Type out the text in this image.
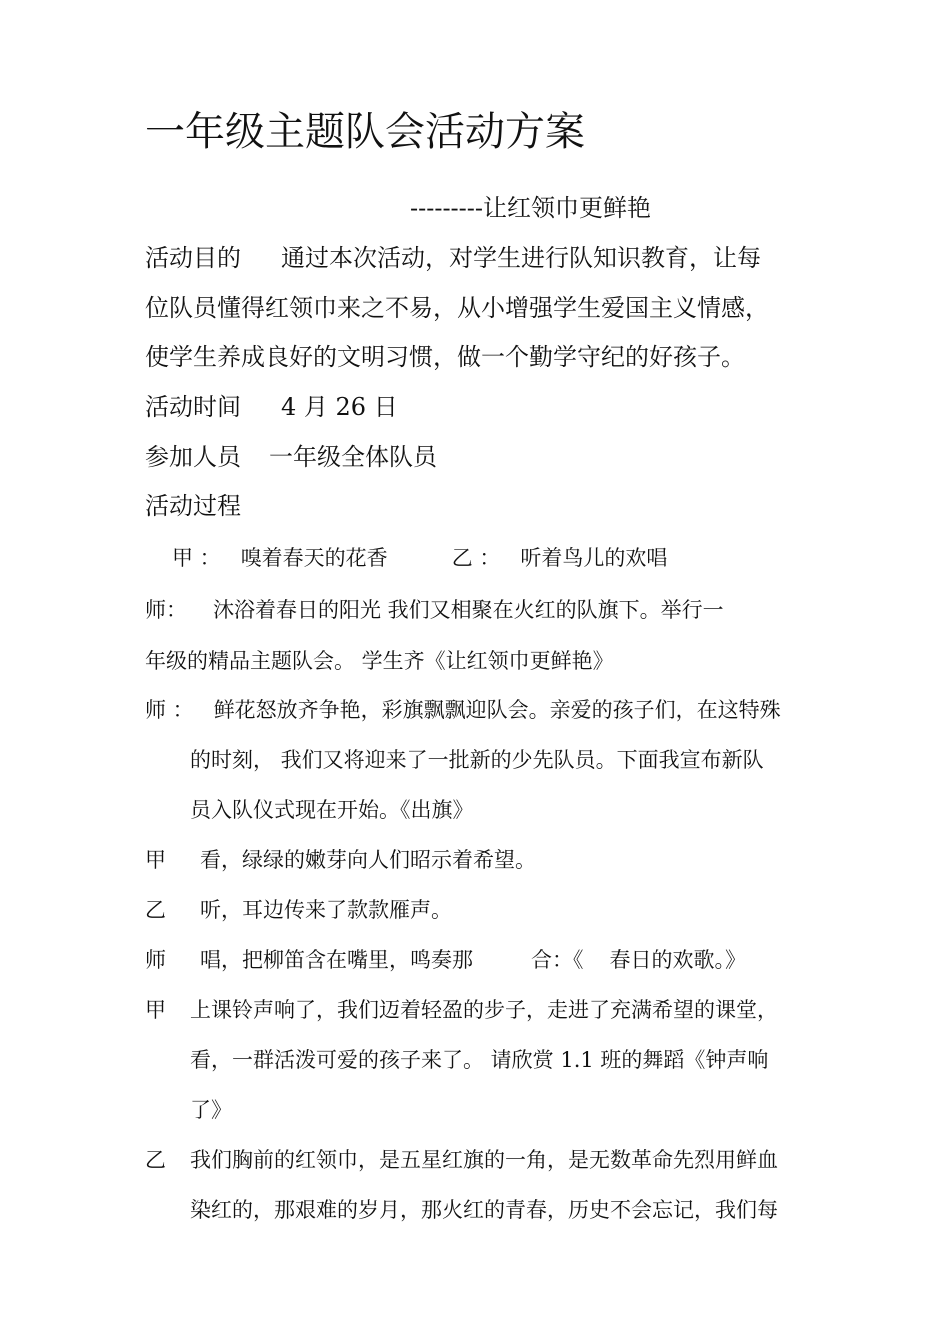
一年级主题队会活动方案
---------让红领巾更鲜艳
活动目的 通过本次活动，对学生进行队知识教育，让每
位队员懂得红领巾来之不易，从小增强学生爱国主义情感，
使学生养成良好的文明习惯，做一个勤学守纪的好孩子。
活动时间 4 月 26 日
参加人员 一年级全体队员
活动过程
甲 ： 嗅着春天的花香	乙 ： 听着鸟儿的欢唱
师： 沐浴着春日的阳光 我们又相聚在火红的队旗下。举行一
年级的精品主题队会。 学生齐《让红领巾更鲜艳》
师 ： 鲜花怒放齐争艳，彩旗飘飘迎队会。亲爱的孩子们，在这特殊
的时刻， 我们又将迎来了一批新的少先队员。下面我宣布新队
员入队仪式现在开始。《出旗》
甲 看，绿绿的嫩芽向人们昭示着希望。
乙 听，耳边传来了款款雁声。
师 唱，把柳笛含在嘴里，鸣奏那	合：《 春日的欢歌。》
甲 上课铃声响了，我们迈着轻盈的步子，走进了充满希望的课堂，
看，一群活泼可爱的孩子来了。 请欣赏 1.1 班的舞蹈《钟声响
了》
乙 我们胸前的红领巾，是五星红旗的一角，是无数革命先烈用鲜血
染红的，那艰难的岁月，那火红的青春，历史不会忘记，我们每
